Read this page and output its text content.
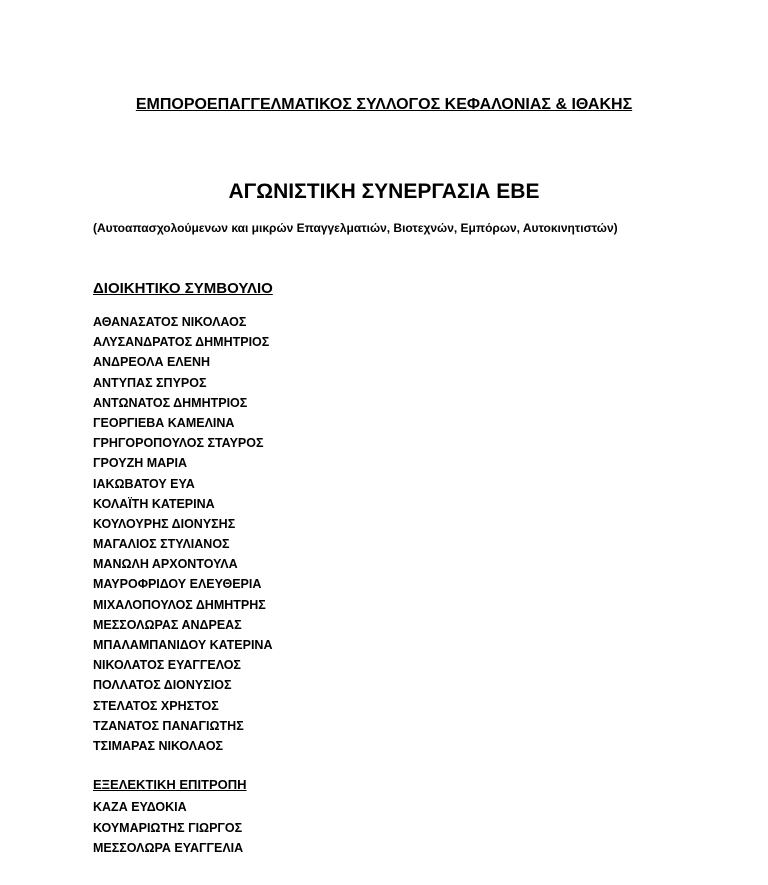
ΕΜΠΟΡΟΕΠΑΓΓΕΛΜΑΤΙΚΟΣ ΣΥΛΛΟΓΟΣ ΚΕΦΑΛΟΝΙΑΣ & ΙΘΑΚΗΣ
ΑΓΩΝΙΣΤΙΚΗ ΣΥΝΕΡΓΑΣΙΑ ΕΒΕ
(Αυτοαπασχολούμενων και μικρών Επαγγελματιών, Βιοτεχνών, Εμπόρων, Αυτοκινητιστών)
ΔΙΟΙΚΗΤΙΚΟ ΣΥΜΒΟΥΛΙΟ
ΑΘΑΝΑΣΑΤΟΣ ΝΙΚΟΛΑΟΣ
ΑΛΥΣΑΝΔΡΑΤΟΣ ΔΗΜΗΤΡΙΟΣ
ΑΝΔΡΕΟΛΑ ΕΛΕΝΗ
ΑΝΤΥΠΑΣ ΣΠΥΡΟΣ
ΑΝΤΩΝΑΤΟΣ ΔΗΜΗΤΡΙΟΣ
ΓΕΟΡΓΙΕΒΑ ΚΑΜΕΛΙΝΑ
ΓΡΗΓΟΡΟΠΟΥΛΟΣ ΣΤΑΥΡΟΣ
ΓΡΟΥΖΗ ΜΑΡΙΑ
ΙΑΚΩΒΑΤΟΥ ΕΥΑ
ΚΟΛΑΪΤΗ ΚΑΤΕΡΙΝΑ
ΚΟΥΛΟΥΡΗΣ ΔΙΟΝΥΣΗΣ
ΜΑΓΑΛΙΟΣ ΣΤΥΛΙΑΝΟΣ
ΜΑΝΩΛΗ ΑΡΧΟΝΤΟΥΛΑ
ΜΑΥΡΟΦΡΙΔΟΥ ΕΛΕΥΘΕΡΙΑ
ΜΙΧΑΛΟΠΟΥΛΟΣ ΔΗΜΗΤΡΗΣ
ΜΕΣΣΟΛΩΡΑΣ ΑΝΔΡΕΑΣ
ΜΠΑΛΑΜΠΑΝΙΔΟΥ ΚΑΤΕΡΙΝΑ
ΝΙΚΟΛΑΤΟΣ ΕΥΑΓΓΕΛΟΣ
ΠΟΛΛΑΤΟΣ ΔΙΟΝΥΣΙΟΣ
ΣΤΕΛΑΤΟΣ ΧΡΗΣΤΟΣ
ΤΖΑΝΑΤΟΣ ΠΑΝΑΓΙΩΤΗΣ
ΤΣΙΜΑΡΑΣ ΝΙΚΟΛΑΟΣ
ΕΞΕΛΕΚΤΙΚΗ ΕΠΙΤΡΟΠΗ
ΚΑΖΑ ΕΥΔΟΚΙΑ
ΚΟΥΜΑΡΙΩΤΗΣ ΓΙΩΡΓΟΣ
ΜΕΣΣΟΛΩΡΑ ΕΥΑΓΓΕΛΙΑ
